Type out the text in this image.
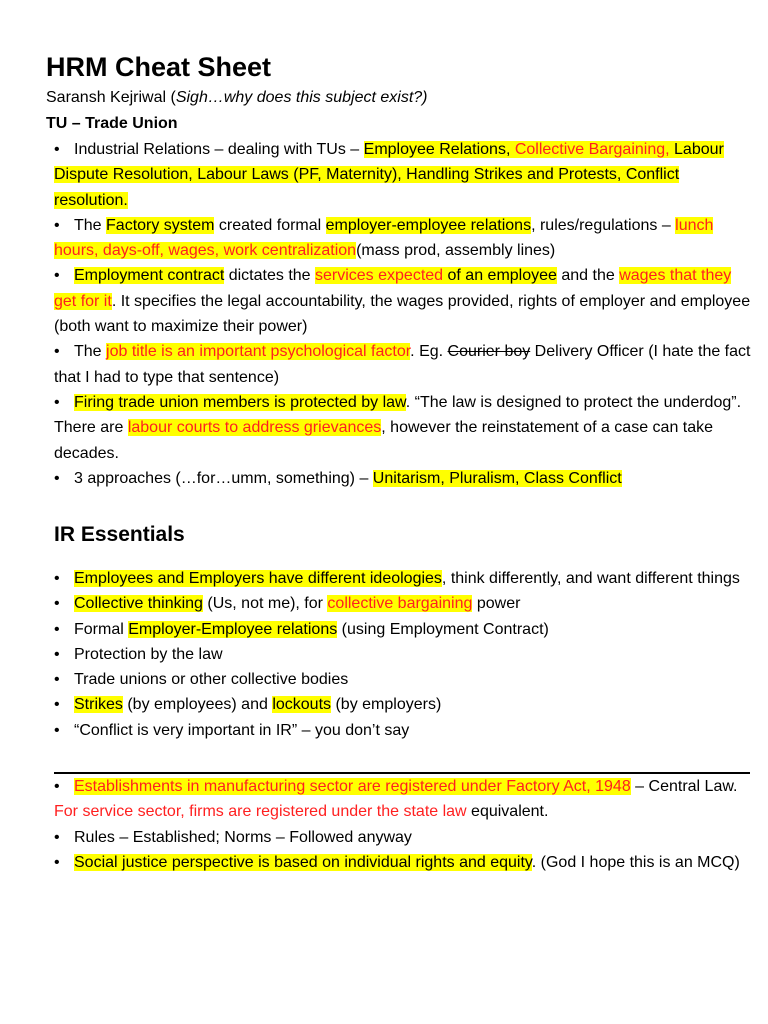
HRM Cheat Sheet
Saransh Kejriwal (Sigh…why does this subject exist?)
TU – Trade Union

• Industrial Relations – dealing with TUs – Employee Relations, Collective Bargaining, Labour Dispute Resolution, Labour Laws (PF, Maternity), Handling Strikes and Protests, Conflict resolution.

• The Factory system created formal employer-employee relations, rules/regulations – lunch hours, days-off, wages, work centralization(mass prod, assembly lines)

• Employment contract dictates the services expected of an employee and the wages that they get for it. It specifies the legal accountability, the wages provided, rights of employer and employee (both want to maximize their power)

• The job title is an important psychological factor. Eg. Courier boy Delivery Officer (I hate the fact that I had to type that sentence)

• Firing trade union members is protected by law. “The law is designed to protect the underdog”. There are labour courts to address grievances, however the reinstatement of a case can take decades.

• 3 approaches (…for…umm, something) – Unitarism, Pluralism, Class Conflict

IR Essentials

• Employees and Employers have different ideologies, think differently, and want different things

• Collective thinking (Us, not me), for collective bargaining power

• Formal Employer-Employee relations (using Employment Contract)

• Protection by the law

• Trade unions or other collective bodies

• Strikes (by employees) and lockouts (by employers)

• “Conflict is very important in IR” – you don’t say

• Establishments in manufacturing sector are registered under Factory Act, 1948 – Central Law. For service sector, firms are registered under the state law equivalent.

• Rules – Established; Norms – Followed anyway

• Social justice perspective is based on individual rights and equity. (God I hope this is an MCQ)
